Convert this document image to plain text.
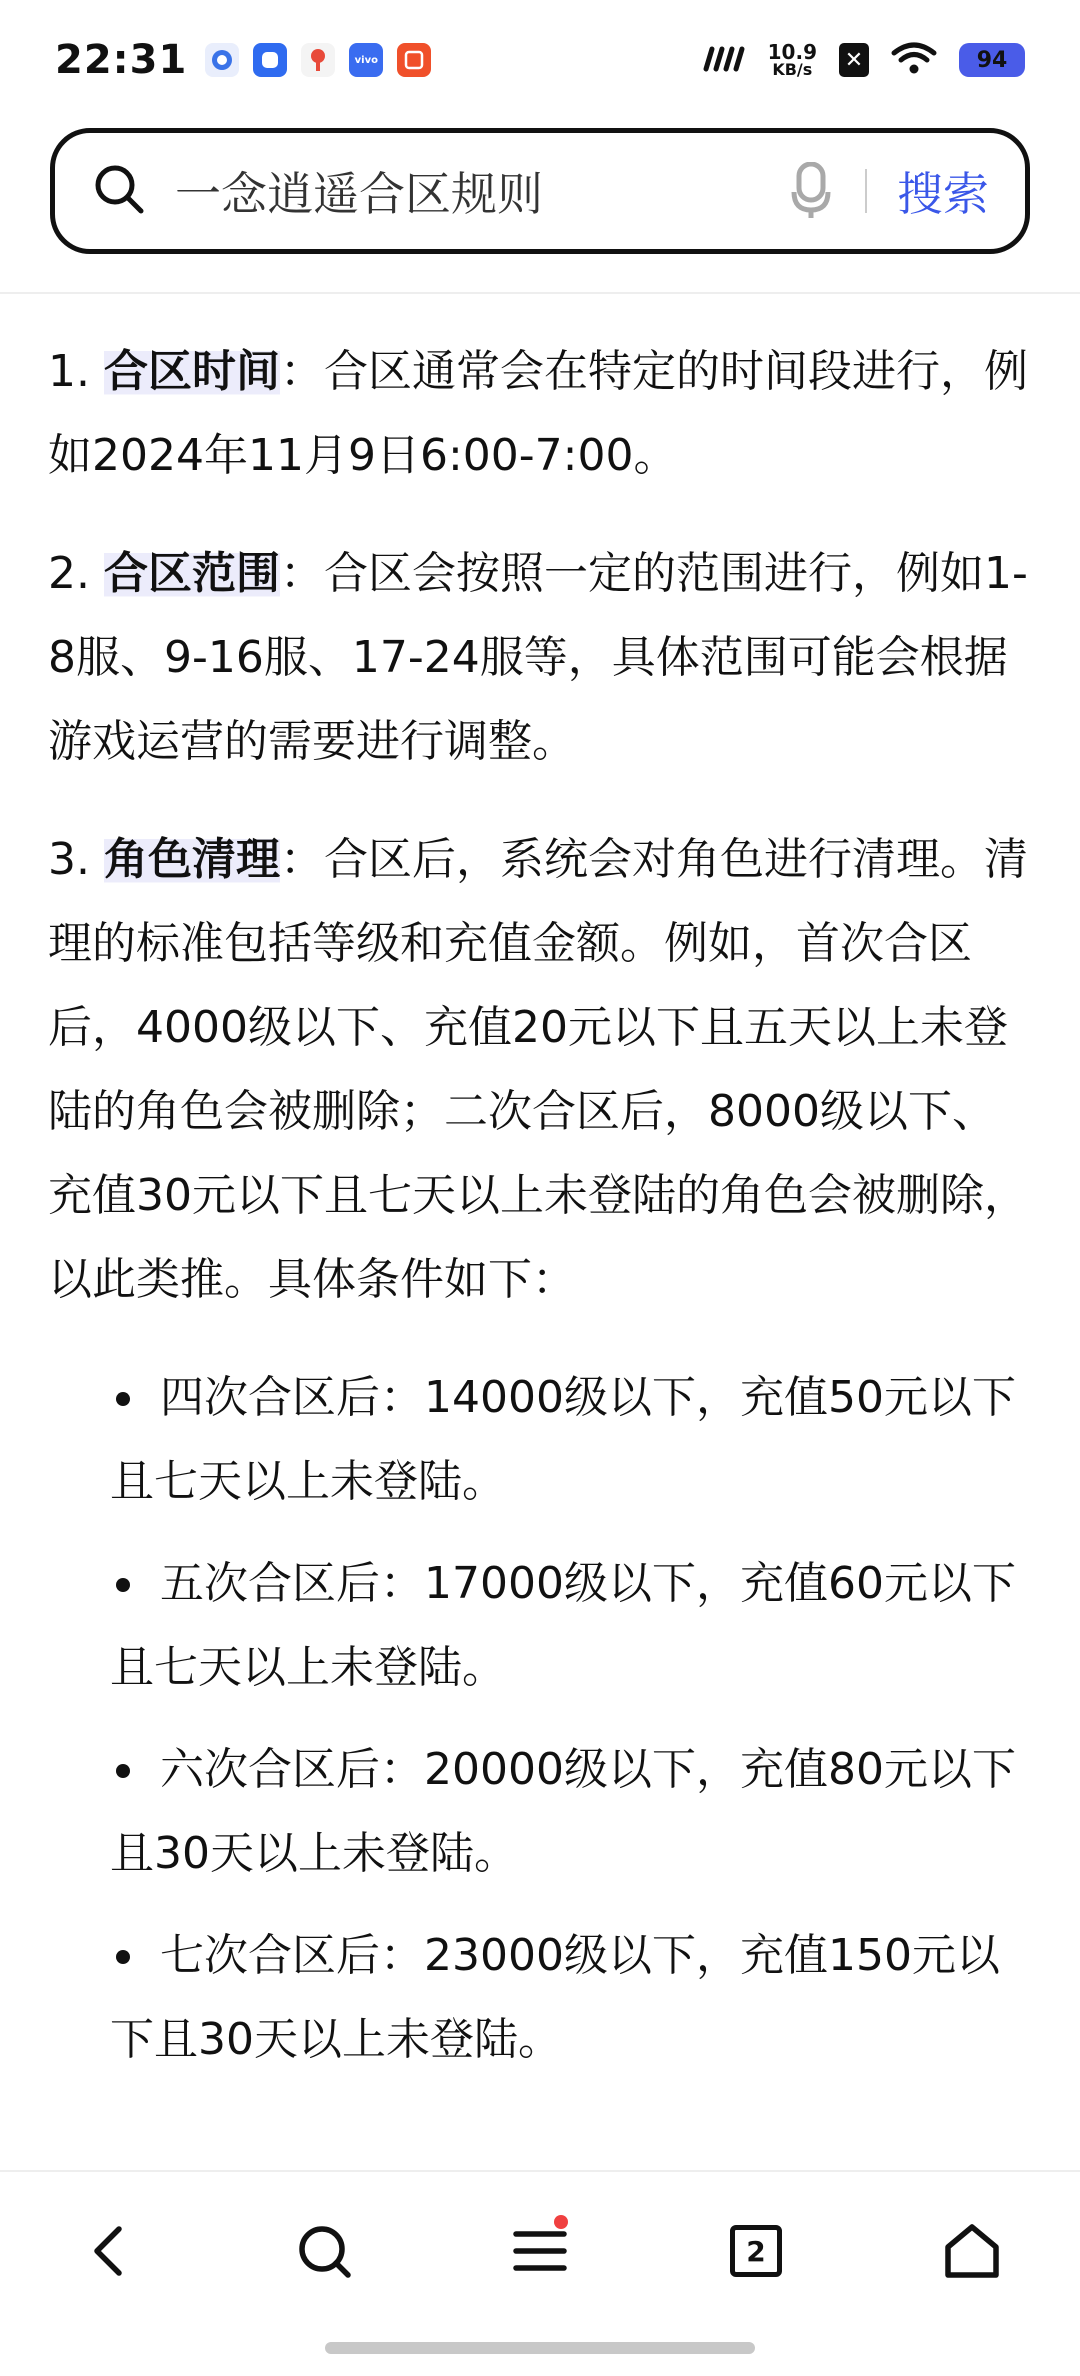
22:31	vivo	10.9
KB/s ✕	94
一念逍遥合区规则	搜索

1. 合区时间：合区通常会在特定的时间段进行，例如2024年11月9日6:00-7:00。

2. 合区范围：合区会按照一定的范围进行，例如1-8服、9-16服、17-24服等，具体范围可能会根据游戏运营的需要进行调整。

3. 角色清理：合区后，系统会对角色进行清理。清理的标准包括等级和充值金额。例如，首次合区后，4000级以下、充值20元以下且五天以上未登陆的角色会被删除；二次合区后，8000级以下、充值30元以下且七天以上未登陆的角色会被删除，以此类推。具体条件如下：

四次合区后：14000级以下，充值50元以下且七天以上未登陆。
五次合区后：17000级以下，充值60元以下且七天以上未登陆。
六次合区后：20000级以下，充值80元以下且30天以上未登陆。
七次合区后：23000级以下，充值150元以下且30天以上未登陆。
2
